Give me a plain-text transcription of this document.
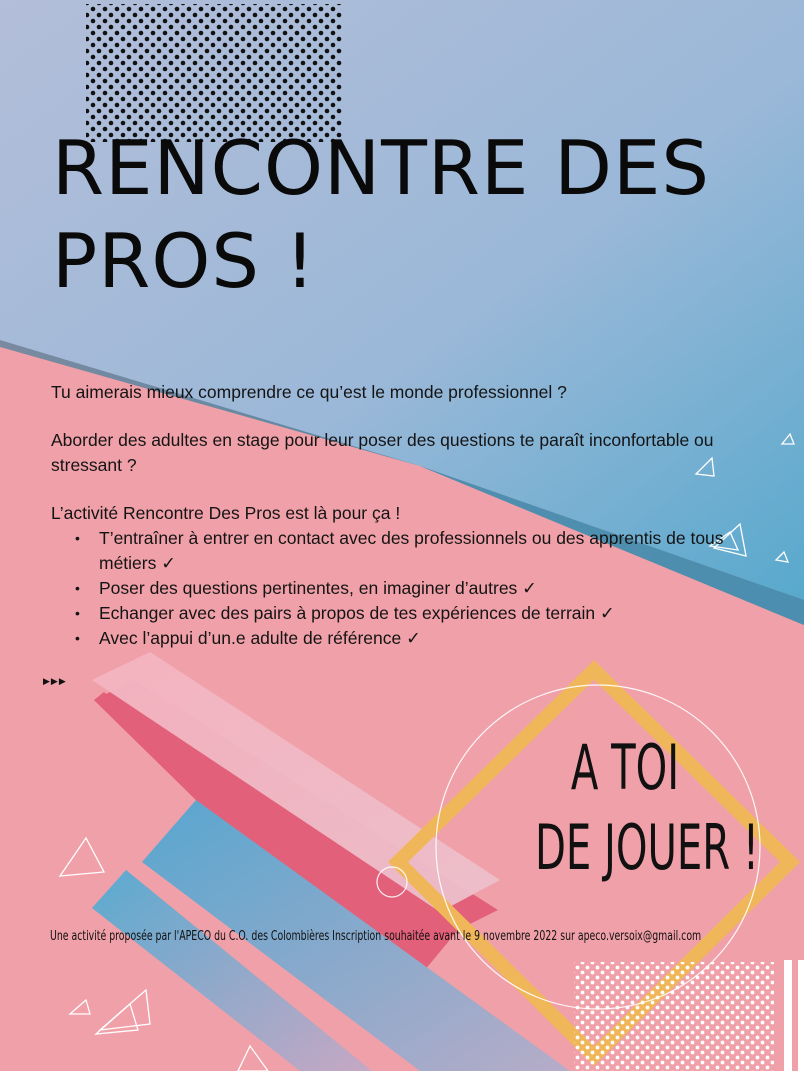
RENCONTRE DES
PROS !

Tu aimerais mieux comprendre ce qu’est le monde professionnel ?

Aborder des adultes en stage pour leur poser des questions te paraît inconfortable ou stressant ?

L’activité Rencontre Des Pros est là pour ça !

• T’entraîner à entrer en contact avec des professionnels ou des apprentis de tous métiers ✓
• Poser des questions pertinentes, en imaginer d’autres ✓
• Echanger avec des pairs à propos de tes expériences de terrain ✓
• Avec l’appui d’un.e adulte de référence ✓
▶▶▶
A TOI
DE JOUER !
Une activité proposée par l'APECO du C.O. des Colombières Inscription souhaitée avant le 9 novembre 2022 sur apeco.versoix@gmail.com
